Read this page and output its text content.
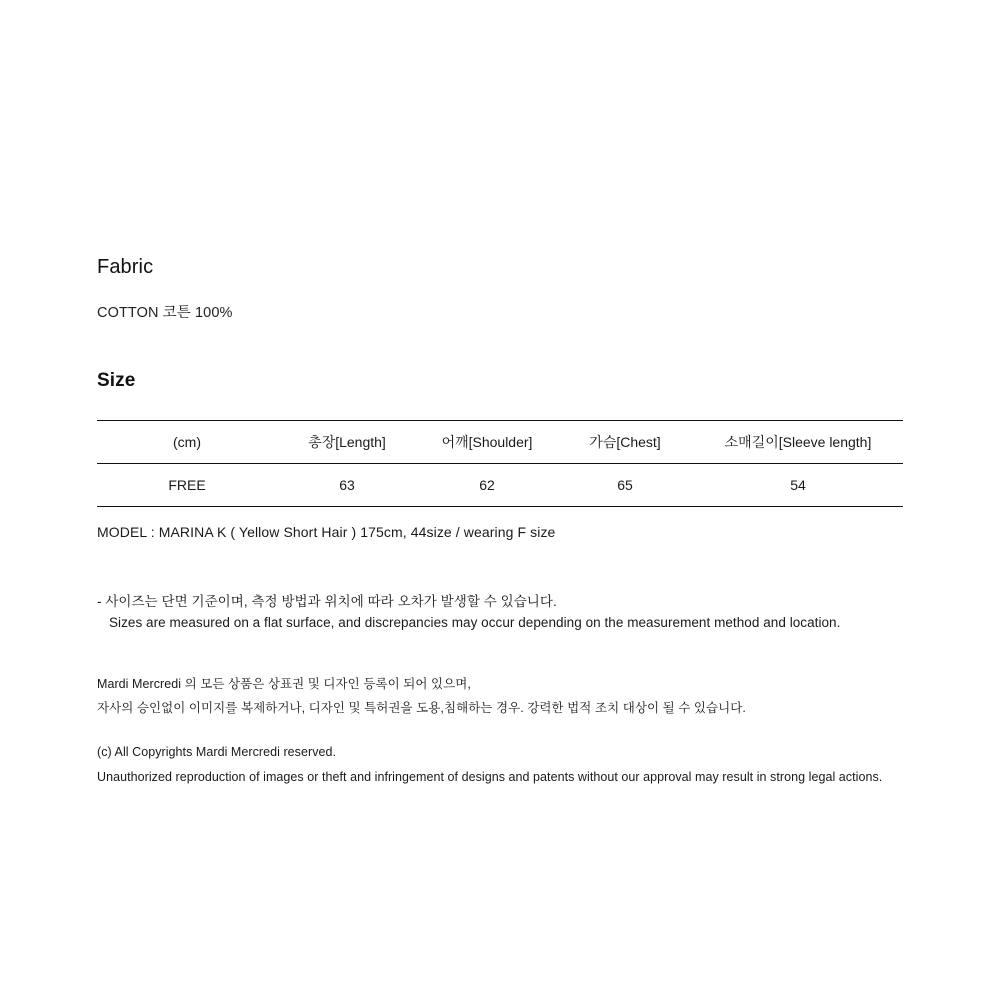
Fabric
COTTON 코튼 100%
Size
(cm)	총장[Length]	어깨[Shoulder]	가슴[Chest]	소매길이[Sleeve length]
FREE	63	62	65	54
MODEL : MARINA K ( Yellow Short Hair ) 175cm, 44size / wearing F size
- 사이즈는 단면 기준이며, 측정 방법과 위치에 따라 오차가 발생할 수 있습니다.
Sizes are measured on a flat surface, and discrepancies may occur depending on the measurement method and location.
Mardi Mercredi 의 모든 상품은 상표권 및 디자인 등록이 되어 있으며,
자사의 승인없이 이미지를 복제하거나, 디자인 및 특허권을 도용,침해하는 경우. 강력한 법적 조치 대상이 될 수 있습니다.
(c) All Copyrights Mardi Mercredi reserved.
Unauthorized reproduction of images or theft and infringement of designs and patents without our approval may result in strong legal actions.
